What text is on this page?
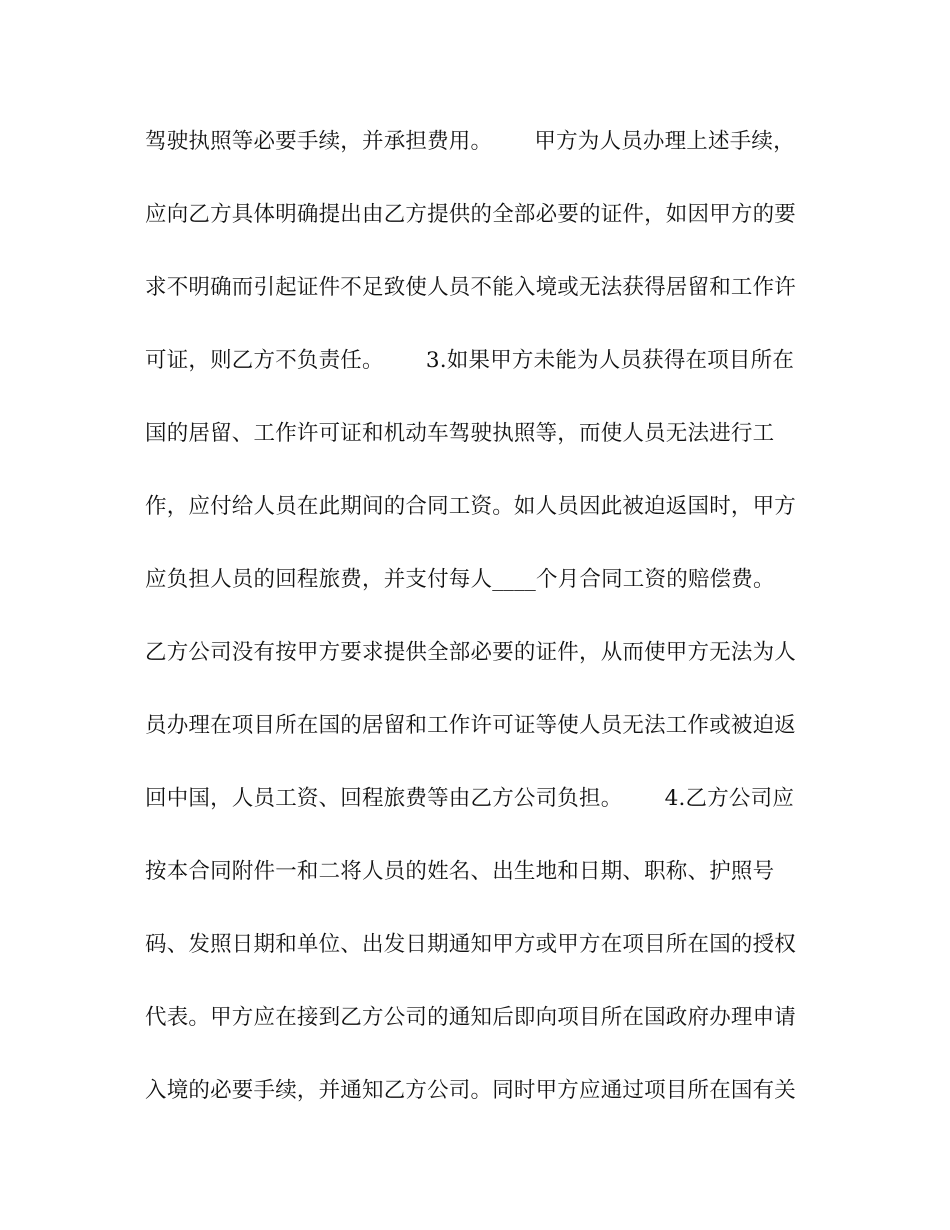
驾驶执照等必要手续，并承担费用。      甲方为人员办理上述手续，
应向乙方具体明确提出由乙方提供的全部必要的证件，如因甲方的要
求不明确而引起证件不足致使人员不能入境或无法获得居留和工作许
可证，则乙方不负责任。      3.如果甲方未能为人员获得在项目所在
国的居留、工作许可证和机动车驾驶执照等，而使人员无法进行工
作，应付给人员在此期间的合同工资。如人员因此被迫返国时，甲方
应负担人员的回程旅费，并支付每人____个月合同工资的赔偿费。
乙方公司没有按甲方要求提供全部必要的证件，从而使甲方无法为人
员办理在项目所在国的居留和工作许可证等使人员无法工作或被迫返
回中国，人员工资、回程旅费等由乙方公司负担。      4.乙方公司应
按本合同附件一和二将人员的姓名、出生地和日期、职称、护照号
码、发照日期和单位、出发日期通知甲方或甲方在项目所在国的授权
代表。甲方应在接到乙方公司的通知后即向项目所在国政府办理申请
入境的必要手续，并通知乙方公司。同时甲方应通过项目所在国有关
